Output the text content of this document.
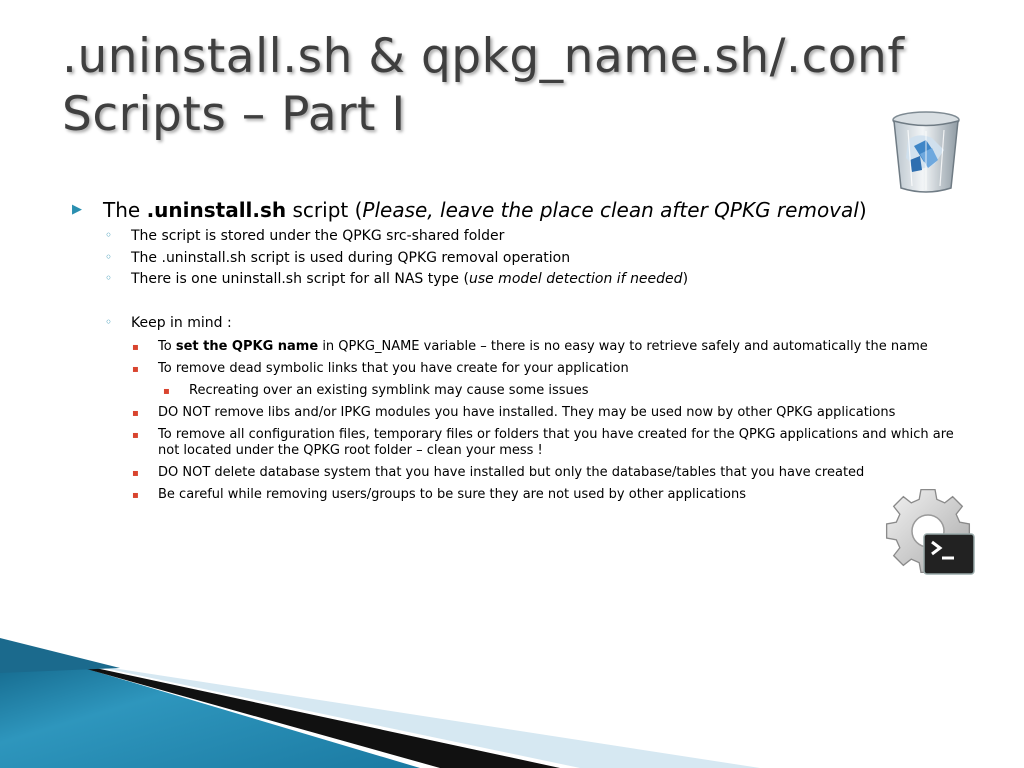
.uninstall.sh & qpkg_name.sh/.conf
Scripts – Part I
▶ The .uninstall.sh script (Please, leave the place clean after QPKG removal)
◦ The script is stored under the QPKG src-shared folder
◦ The .uninstall.sh script is used during QPKG removal operation
◦ There is one uninstall.sh script for all NAS type (use model detection if needed)
◦ Keep in mind :
▪ To set the QPKG name in QPKG_NAME variable – there is no easy way to retrieve safely and automatically the name
▪ To remove dead symbolic links that you have create for your application
▪ Recreating over an existing symblink may cause some issues
▪ DO NOT remove libs and/or IPKG modules you have installed. They may be used now by other QPKG applications
▪ To remove all configuration files, temporary files or folders that you have created for the QPKG applications and which are not located under the QPKG root folder – clean your mess !
▪ DO NOT delete database system that you have installed but only the database/tables that you have created
▪ Be careful while removing users/groups to be sure they are not used by other applications
